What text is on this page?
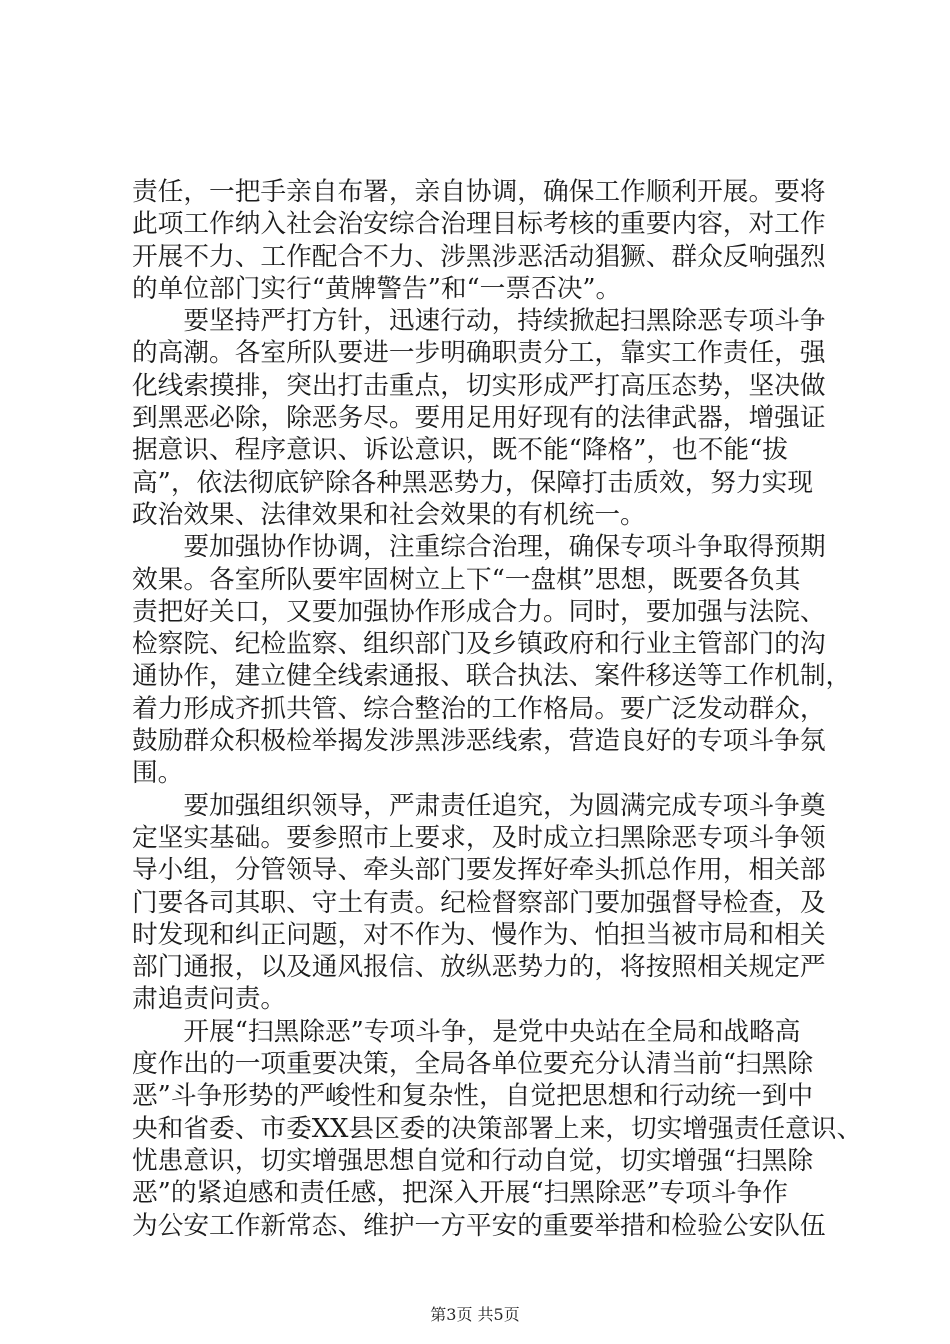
责任，一把手亲自布署，亲自协调，确保工作顺利开展。要将
此项工作纳入社会治安综合治理目标考核的重要内容，对工作
开展不力、工作配合不力、涉黑涉恶活动猖獗、群众反响强烈
的单位部门实行“黄牌警告”和“一票否决”。
　　要坚持严打方针，迅速行动，持续掀起扫黑除恶专项斗争
的高潮。各室所队要进一步明确职责分工，靠实工作责任，强
化线索摸排，突出打击重点，切实形成严打高压态势，坚决做
到黑恶必除，除恶务尽。要用足用好现有的法律武器，增强证
据意识、程序意识、诉讼意识，既不能“降格”，也不能“拔
高”，依法彻底铲除各种黑恶势力，保障打击质效，努力实现
政治效果、法律效果和社会效果的有机统一。
　　要加强协作协调，注重综合治理，确保专项斗争取得预期
效果。各室所队要牢固树立上下“一盘棋”思想，既要各负其
责把好关口，又要加强协作形成合力。同时，要加强与法院、
检察院、纪检监察、组织部门及乡镇政府和行业主管部门的沟
通协作，建立健全线索通报、联合执法、案件移送等工作机制，
着力形成齐抓共管、综合整治的工作格局。要广泛发动群众，
鼓励群众积极检举揭发涉黑涉恶线索，营造良好的专项斗争氛
围。
　　要加强组织领导，严肃责任追究，为圆满完成专项斗争奠
定坚实基础。要参照市上要求，及时成立扫黑除恶专项斗争领
导小组，分管领导、牵头部门要发挥好牵头抓总作用，相关部
门要各司其职、守土有责。纪检督察部门要加强督导检查，及
时发现和纠正问题，对不作为、慢作为、怕担当被市局和相关
部门通报，以及通风报信、放纵恶势力的，将按照相关规定严
肃追责问责。
　　开展“扫黑除恶”专项斗争，是党中央站在全局和战略高
度作出的一项重要决策，全局各单位要充分认清当前“扫黑除
恶”斗争形势的严峻性和复杂性，自觉把思想和行动统一到中
央和省委、市委XX县区委的决策部署上来，切实增强责任意识、
忧患意识，切实增强思想自觉和行动自觉，切实增强“扫黑除
恶”的紧迫感和责任感，把深入开展“扫黑除恶”专项斗争作
为公安工作新常态、维护一方平安的重要举措和检验公安队伍
第3页 共5页
